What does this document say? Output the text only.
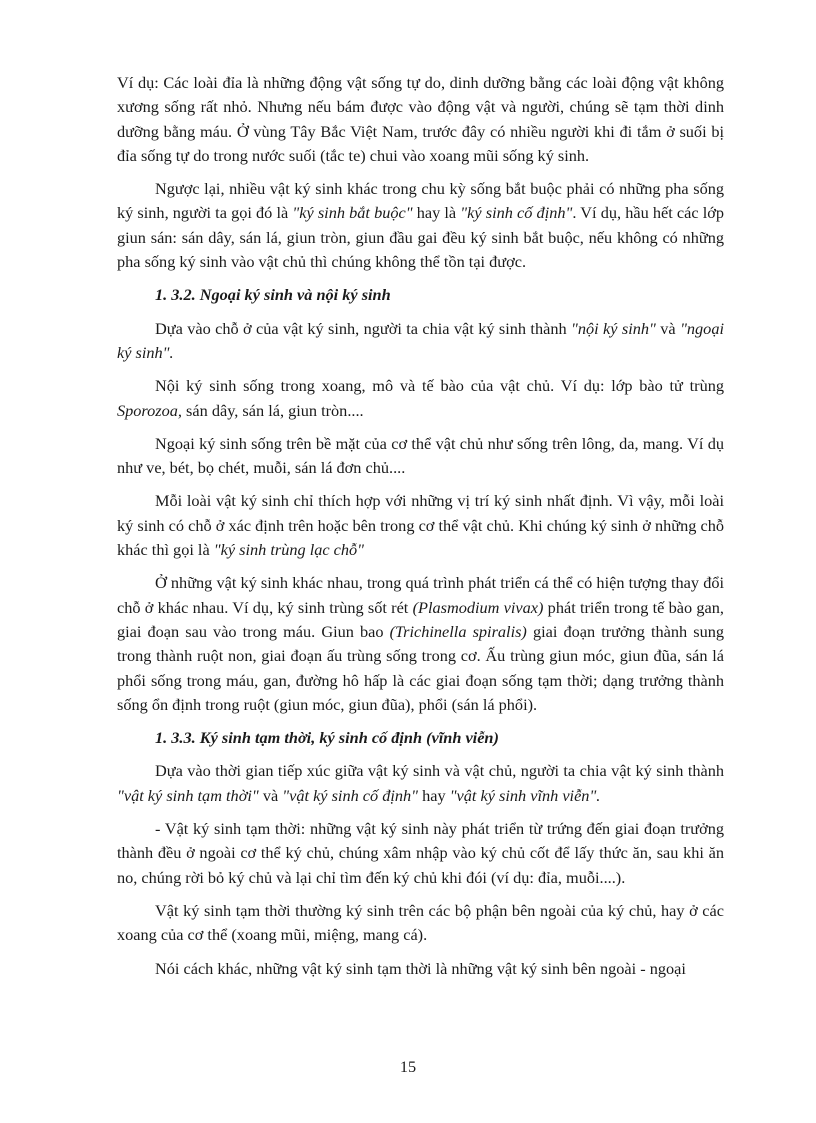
Ví dụ: Các loài đỉa là những động vật sống tự do, dinh dưỡng bằng các loài động vật không xương sống rất nhỏ. Nhưng nếu bám được vào động vật và người, chúng sẽ tạm thời dinh dưỡng bằng máu. Ở vùng Tây Bắc Việt Nam, trước đây có nhiều người khi đi tắm ở suối bị đỉa sống tự do trong nước suối (tắc te) chui vào xoang mũi sống ký sinh.

Ngược lại, nhiều vật ký sinh khác trong chu kỳ sống bắt buộc phải có những pha sống ký sinh, người ta gọi đó là "ký sinh bắt buộc" hay là "ký sinh cố định". Ví dụ, hầu hết các lớp giun sán: sán dây, sán lá, giun tròn, giun đầu gai đều ký sinh bắt buộc, nếu không có những pha sống ký sinh vào vật chủ thì chúng không thể tồn tại được.

1. 3.2. Ngoại ký sinh và nội ký sinh

Dựa vào chỗ ở của vật ký sinh, người ta chia vật ký sinh thành "nội ký sinh" và "ngoại ký sinh".

Nội ký sinh sống trong xoang, mô và tế bào của vật chủ. Ví dụ: lớp bào tử trùng Sporozoa, sán dây, sán lá, giun tròn....

Ngoại ký sinh sống trên bề mặt của cơ thể vật chủ như sống trên lông, da, mang. Ví dụ như ve, bét, bọ chét, muỗi, sán lá đơn chủ....

Mỗi loài vật ký sinh chỉ thích hợp với những vị trí ký sinh nhất định. Vì vậy, mỗi loài ký sinh có chỗ ở xác định trên hoặc bên trong cơ thể vật chủ. Khi chúng ký sinh ở những chỗ khác thì gọi là "ký sinh trùng lạc chỗ"

Ở những vật ký sinh khác nhau, trong quá trình phát triển cá thể có hiện tượng thay đổi chỗ ở khác nhau. Ví dụ, ký sinh trùng sốt rét (Plasmodium vivax) phát triển trong tế bào gan, giai đoạn sau vào trong máu. Giun bao (Trichinella spiralis) giai đoạn trưởng thành sung trong thành ruột non, giai đoạn ấu trùng sống trong cơ. Ấu trùng giun móc, giun đũa, sán lá phổi sống trong máu, gan, đường hô hấp là các giai đoạn sống tạm thời; dạng trưởng thành sống ổn định trong ruột (giun móc, giun đũa), phổi (sán lá phổi).

1. 3.3. Ký sinh tạm thời, ký sinh cố định (vĩnh viễn)

Dựa vào thời gian tiếp xúc giữa vật ký sinh và vật chủ, người ta chia vật ký sinh thành "vật ký sinh tạm thời" và "vật ký sinh cố định" hay "vật ký sinh vĩnh viễn".

- Vật ký sinh tạm thời: những vật ký sinh này phát triển từ trứng đến giai đoạn trưởng thành đều ở ngoài cơ thể ký chủ, chúng xâm nhập vào ký chủ cốt để lấy thức ăn, sau khi ăn no, chúng rời bỏ ký chủ và lại chỉ tìm đến ký chủ khi đói (ví dụ: đỉa, muỗi....).

Vật ký sinh tạm thời thường ký sinh trên các bộ phận bên ngoài của ký chủ, hay ở các xoang của cơ thể (xoang mũi, miệng, mang cá).

Nói cách khác, những vật ký sinh tạm thời là những vật ký sinh bên ngoài - ngoại

15
